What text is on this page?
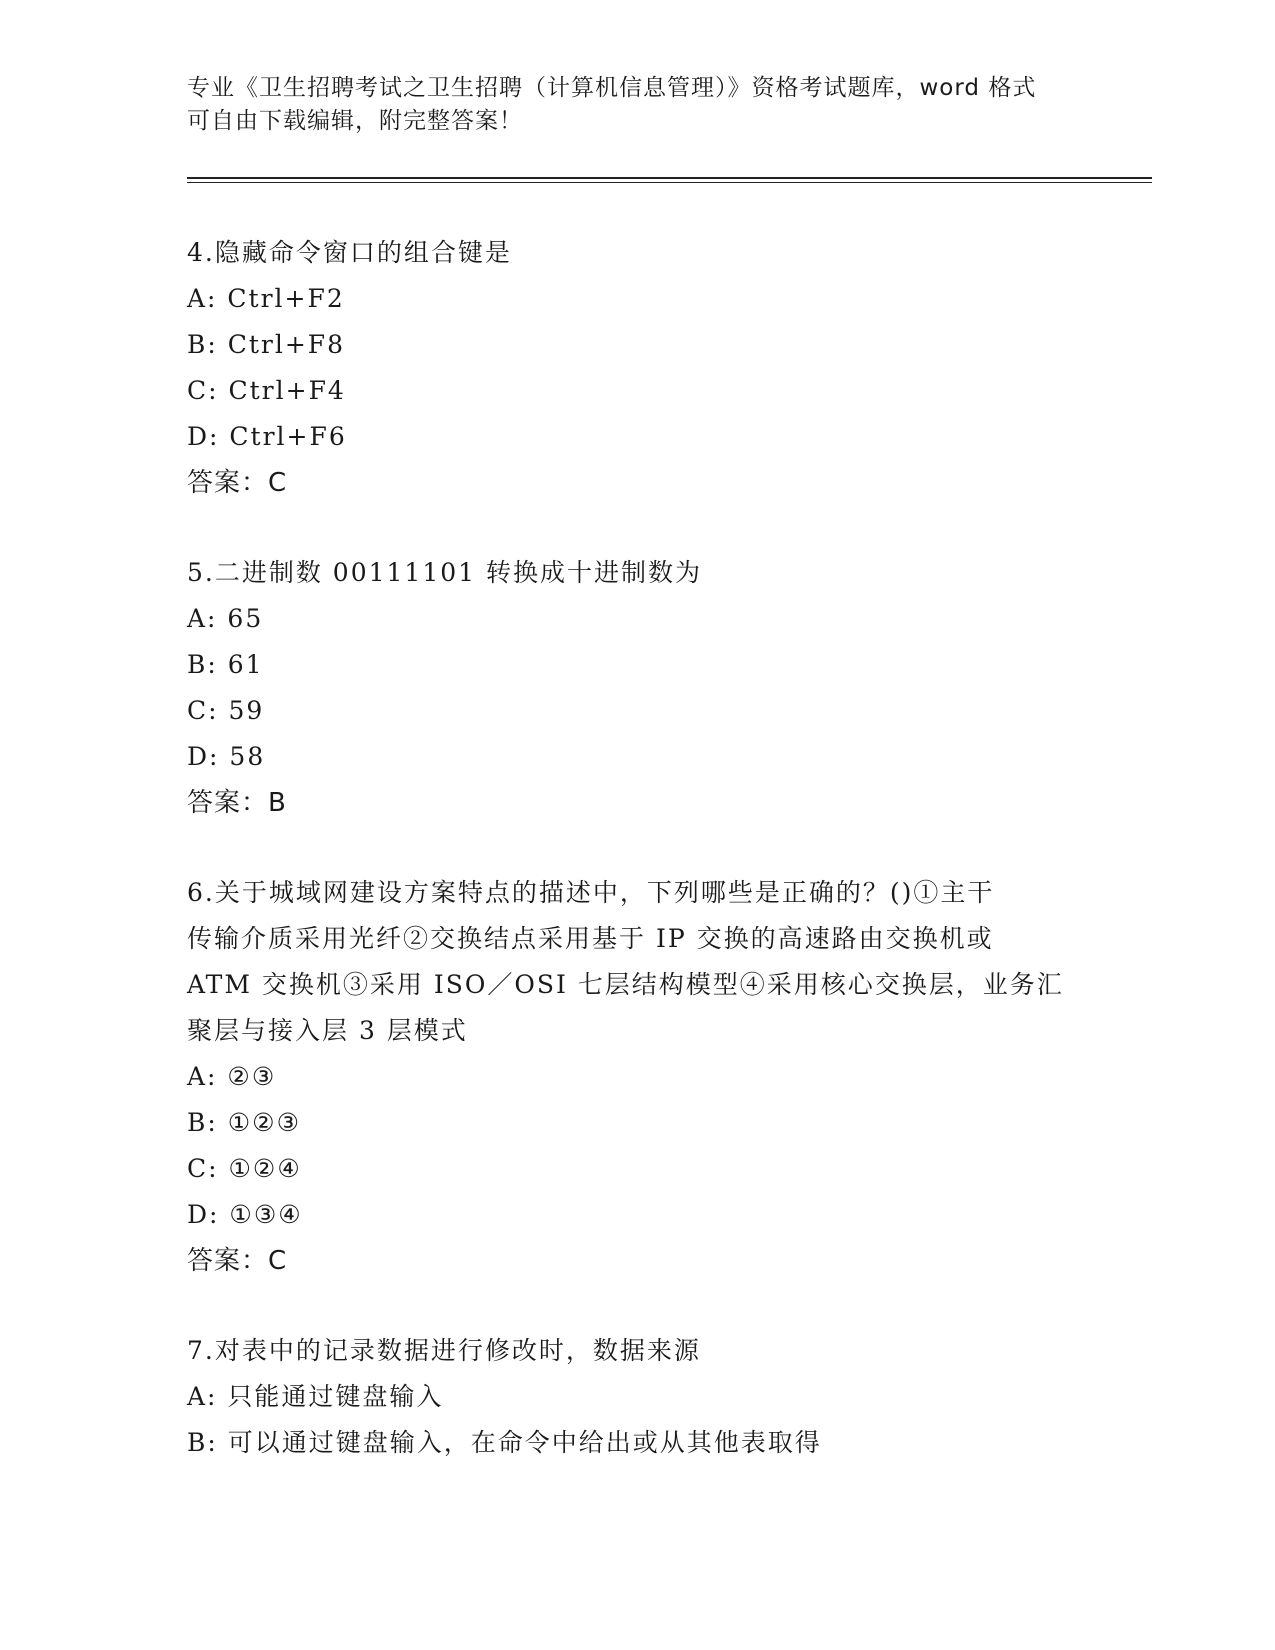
专业《卫生招聘考试之卫生招聘（计算机信息管理）》资格考试题库，word 格式
可自由下载编辑，附完整答案！

4.隐藏命令窗口的组合键是

A: Ctrl+F2

B: Ctrl+F8

C: Ctrl+F4

D: Ctrl+F6

答案：C

5.二进制数 00111101 转换成十进制数为

A: 65

B: 61

C: 59

D: 58

答案：B

6.关于城域网建设方案特点的描述中，下列哪些是正确的？()①主干

传输介质采用光纤②交换结点采用基于 IP 交换的高速路由交换机或

ATM 交换机③采用 ISO／OSI 七层结构模型④采用核心交换层，业务汇

聚层与接入层 3 层模式

A: ②③

B: ①②③

C: ①②④

D: ①③④

答案：C

7.对表中的记录数据进行修改时，数据来源

A: 只能通过键盘输入

B: 可以通过键盘输入，在命令中给出或从其他表取得
